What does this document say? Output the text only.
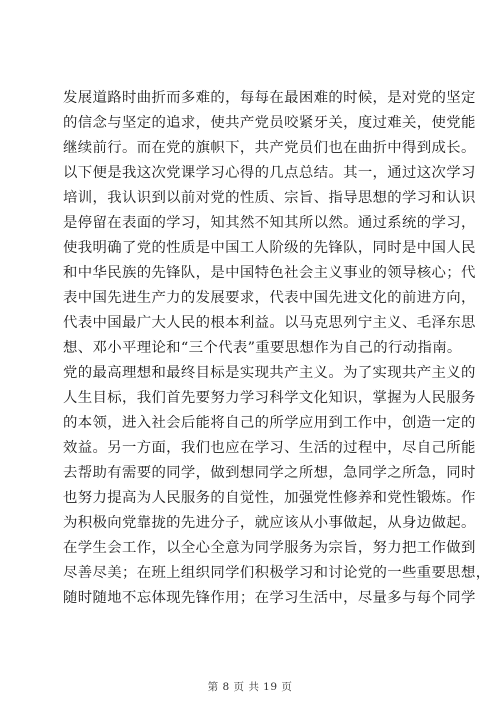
发展道路时曲折而多难的，每每在最困难的时候，是对党的坚定
的信念与坚定的追求，使共产党员咬紧牙关，度过难关，使党能
继续前行。而在党的旗帜下，共产党员们也在曲折中得到成长。
以下便是我这次党课学习心得的几点总结。其一，通过这次学习
培训，我认识到以前对党的性质、宗旨、指导思想的学习和认识
是停留在表面的学习，知其然不知其所以然。通过系统的学习，
使我明确了党的性质是中国工人阶级的先锋队，同时是中国人民
和中华民族的先锋队，是中国特色社会主义事业的领导核心；代
表中国先进生产力的发展要求，代表中国先进文化的前进方向，
代表中国最广大人民的根本利益。以马克思列宁主义、毛泽东思
想、邓小平理论和“三个代表”重要思想作为自己的行动指南。
党的最高理想和最终目标是实现共产主义。为了实现共产主义的
人生目标，我们首先要努力学习科学文化知识，掌握为人民服务
的本领，进入社会后能将自己的所学应用到工作中，创造一定的
效益。另一方面，我们也应在学习、生活的过程中，尽自己所能
去帮助有需要的同学，做到想同学之所想，急同学之所急，同时
也努力提高为人民服务的自觉性，加强党性修养和党性锻炼。作
为积极向党靠拢的先进分子，就应该从小事做起，从身边做起。
在学生会工作，以全心全意为同学服务为宗旨，努力把工作做到
尽善尽美；在班上组织同学们积极学习和讨论党的一些重要思想，
随时随地不忘体现先锋作用；在学习生活中，尽量多与每个同学
第 8 页 共 19 页
